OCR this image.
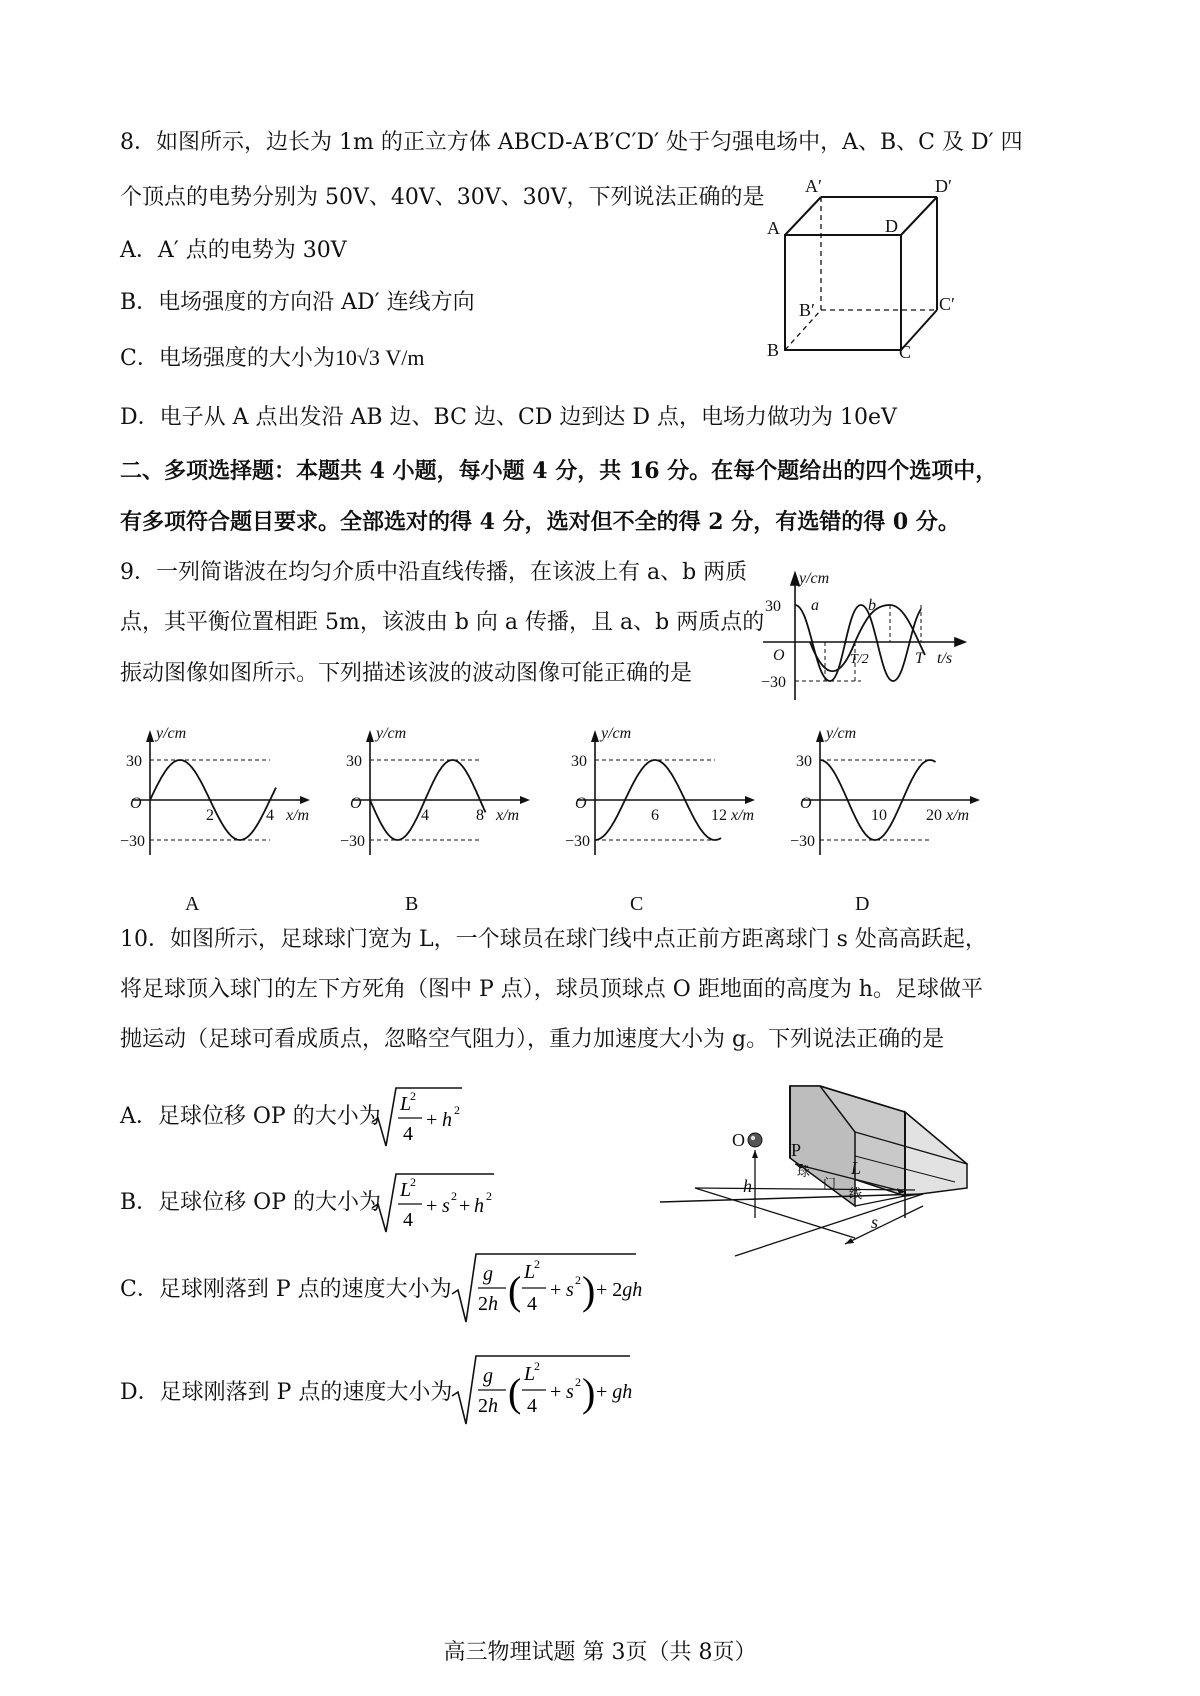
8．如图所示，边长为 1m 的正立方体 ABCD-A′B′C′D′ 处于匀强电场中，A、B、C 及 D′ 四
个顶点的电势分别为 50V、40V、30V、30V，下列说法正确的是
A．A′ 点的电势为 30V
B．电场强度的方向沿 AD′ 连线方向
C．电场强度的大小为10√3 V/m
D．电子从 A 点出发沿 AB 边、BC 边、CD 边到达 D 点，电场力做功为 10eV
A
B	C
D
A′
B′	C′
D′
二、多项选择题：本题共 4 小题，每小题 4 分，共 16 分。在每个题给出的四个选项中，
有多项符合题目要求。全部选对的得 4 分，选对但不全的得 2 分，有选错的得 0 分。
9．一列简谐波在均匀介质中沿直线传播，在该波上有 a、b 两质
点，其平衡位置相距 5m，该波由 b 向 a 传播，且 a、b 两质点的
振动图像如图所示。下列描述该波的波动图像可能正确的是
y/cm
30
−30
O
a	b
T/2	T t/s
y/cm
30
−30
O
2	4 x/m
A
y/cm
30
−30
O
4	8 x/m
B
y/cm
30
−30
O
6	12 x/m
C
y/cm
30
−30
O
10 20 x/m
D
10．如图所示，足球球门宽为 L，一个球员在球门线中点正前方距离球门 s 处高高跃起，
将足球顶入球门的左下方死角（图中 P 点），球员顶球点 O 距地面的高度为 h。足球做平
抛运动（足球可看成质点，忽略空气阻力），重力加速度大小为 g。下列说法正确的是
A．足球位移 OP 的大小为 L
2
4
+ h 2
B．足球位移 OP 的大小为 L
2
4
+ s 2 + h 2
C．足球刚落到 P 点的速度大小为
g
2h ( L
2
4
+ s 2 ) + 2gh
D．足球刚落到 P 点的速度大小为
g
2h ( L
2
4
+ s 2 ) + gh
O	P
L
h
s
球
门
线
高三物理试题 第 3页（共 8页）
